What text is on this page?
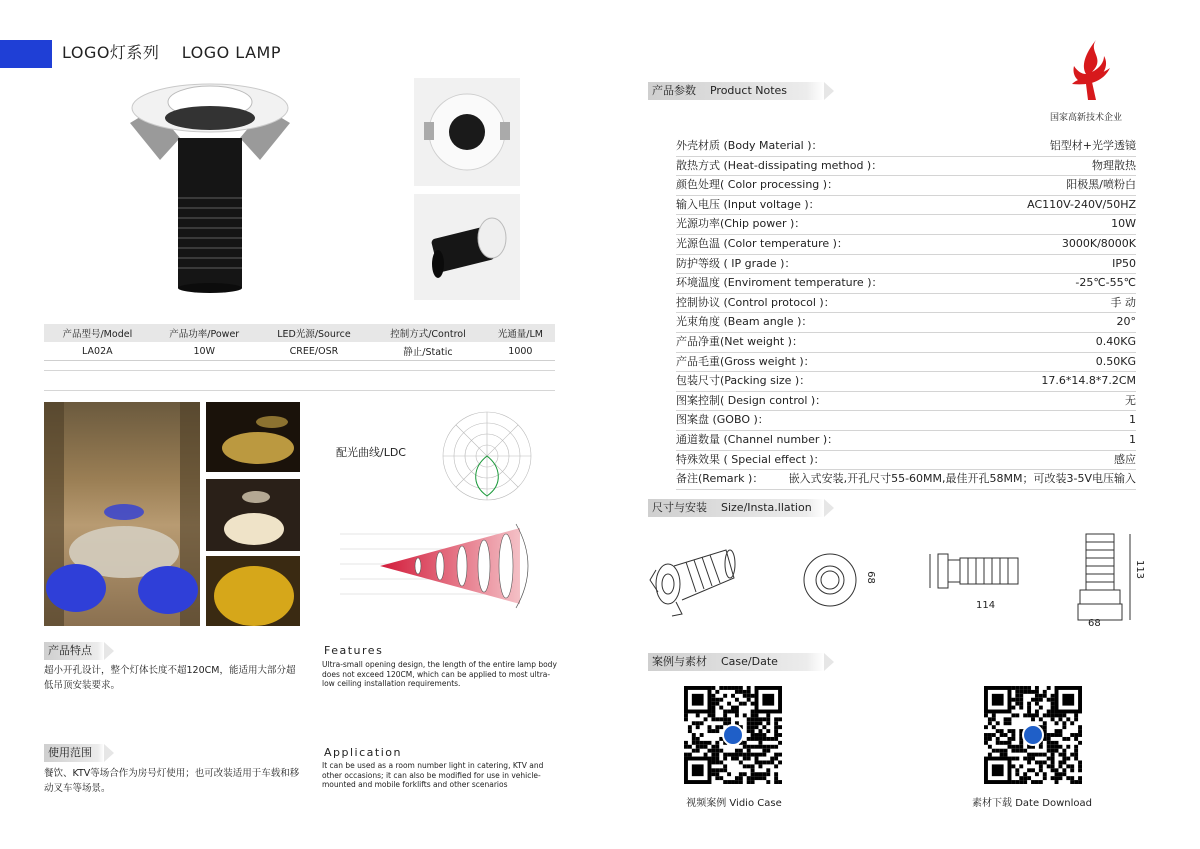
LOGO灯系列    LOGO LAMP
产品型号/Model	产品功率/Power	LED光源/Source	控制方式/Control	光通量/LM
LA02A	10W	CREE/OSR	静止/Static	1000
配光曲线/LDC
产品特点
超小开孔设计，整个灯体长度不超120CM，能适用大部分超低吊顶安装要求。
Features
Ultra-small opening design, the length of the entire lamp body does not exceed 120CM, which can be applied to most ultra-low ceiling installation requirements.
使用范围
餐饮、KTV等场合作为房号灯使用；也可改装适用于车载和移动叉车等场景。
Application
It can be used as a room number light in catering, KTV and other occasions; it can also be modified for use in vehicle-mounted and mobile forklifts and other scenarios
国家高新技术企业
产品参数    Product Notes
外壳材质 (Body Material )：	铝型材+光学透镜
散热方式 (Heat-dissipating method )：	物理散热
颜色处理( Color processing )：	阳极黑/喷粉白
输入电压 (Input voltage )：	AC110V-240V/50HZ
光源功率(Chip power )：	10W
光源色温 (Color temperature )：	3000K/8000K
防护等级 ( IP grade )：	IP50
环境温度 (Enviroment temperature )：	-25℃-55℃
控制协议 (Control protocol )：	手 动
光束角度 (Beam angle )：	20°
产品净重(Net weight )：	0.40KG
产品毛重(Gross weight )：	0.50KG
包装尺寸(Packing size )：	17.6*14.8*7.2CM
图案控制( Design control )：	无
图案盘 (GOBO )：	1
通道数量 (Channel number )：	1
特殊效果 ( Special effect )：	感应
备注(Remark )： 嵌入式安装,开孔尺寸55-60MM,最佳开孔58MM；可改装3-5V电压输入
尺寸与安装    Size/Insta.llation
68
114
113
68
案例与素材    Case/Date
视频案例 Vidio Case	素材下载 Date Download
